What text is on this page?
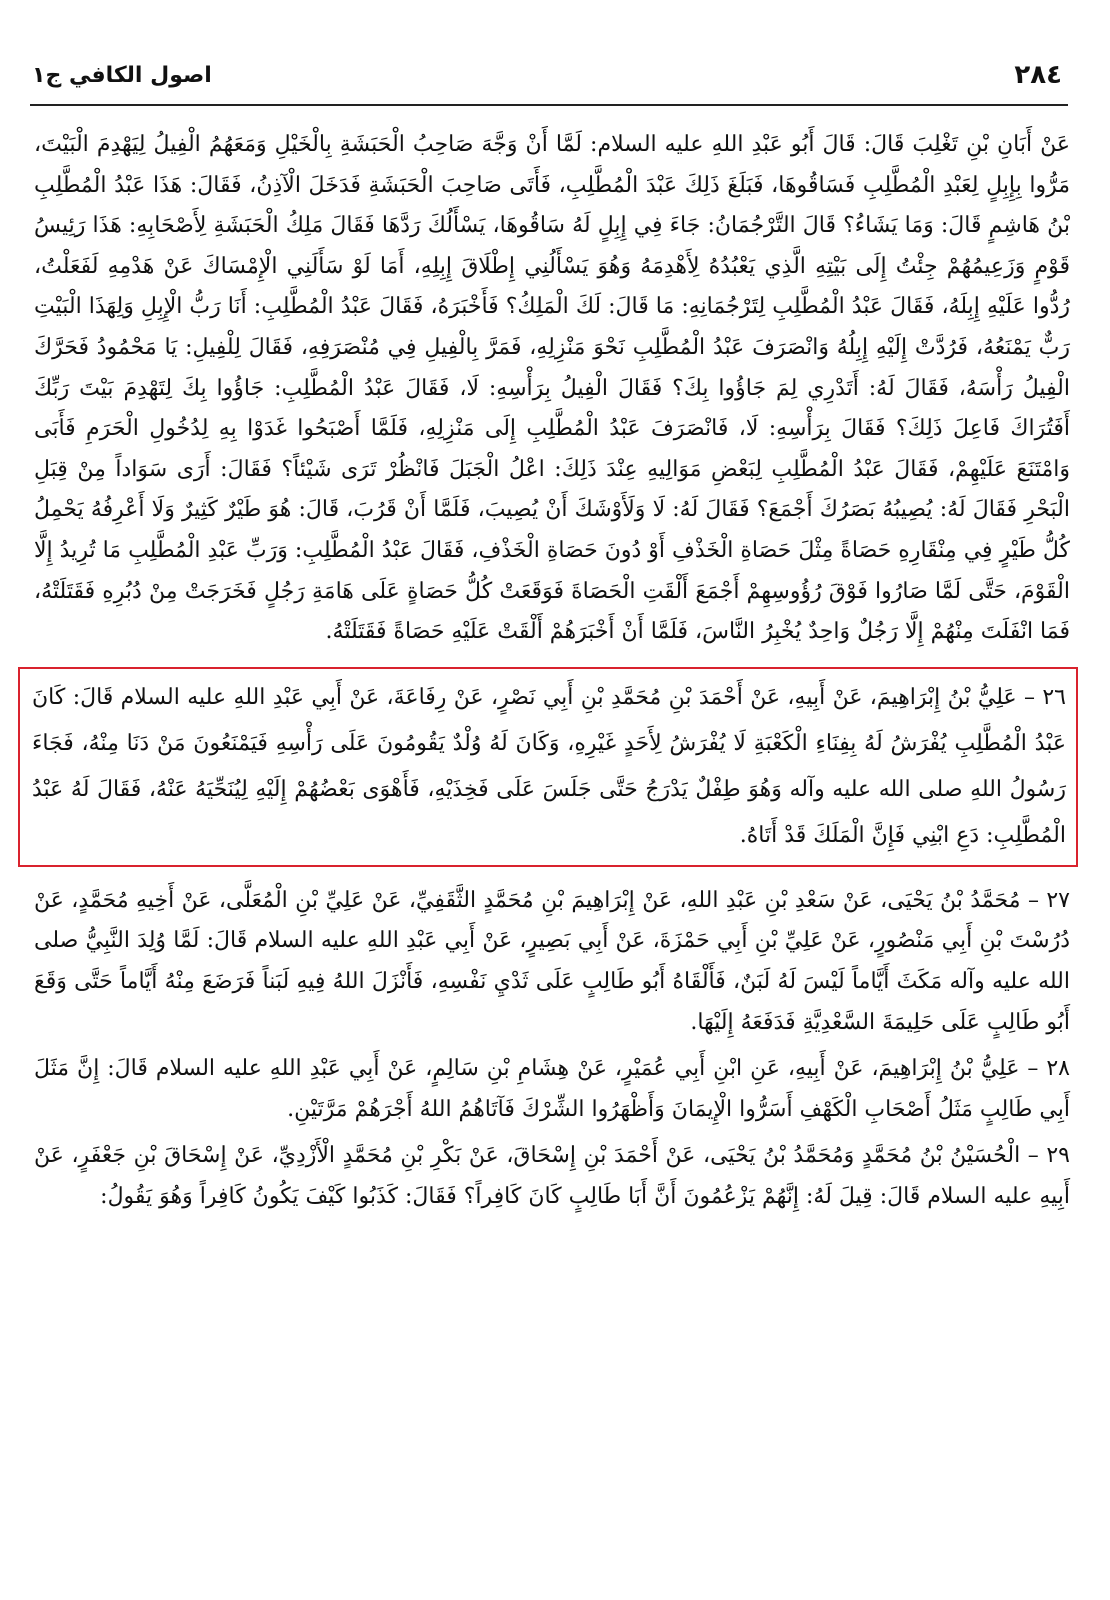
٢٨٤
اصول الكافي ج١

عَنْ أَبَانِ بْنِ تَغْلِبَ قَالَ: قَالَ أَبُو عَبْدِ اللهِ عليه السلام: لَمَّا أَنْ وَجَّهَ صَاحِبُ الْحَبَشَةِ بِالْخَيْلِ وَمَعَهُمُ الْفِيلُ لِيَهْدِمَ الْبَيْتَ، مَرُّوا بِإِبِلٍ لِعَبْدِ الْمُطَّلِبِ فَسَاقُوهَا، فَبَلَغَ ذَلِكَ عَبْدَ الْمُطَّلِبِ، فَأَتَى صَاحِبَ الْحَبَشَةِ فَدَخَلَ الْآذِنُ، فَقَالَ: هَذَا عَبْدُ الْمُطَّلِبِ بْنُ هَاشِمٍ قَالَ: وَمَا يَشَاءُ؟ قَالَ التَّرْجُمَانُ: جَاءَ فِي إِبِلٍ لَهُ سَاقُوهَا، يَسْأَلُكَ رَدَّهَا فَقَالَ مَلِكُ الْحَبَشَةِ لِأَصْحَابِهِ: هَذَا رَئِيسُ قَوْمٍ وَزَعِيمُهُمْ جِئْتُ إِلَى بَيْتِهِ الَّذِي يَعْبُدُهُ لِأَهْدِمَهُ وَهُوَ يَسْأَلُنِي إِطْلَاقَ إِبِلِهِ، أَمَا لَوْ سَأَلَنِي الْإِمْسَاكَ عَنْ هَدْمِهِ لَفَعَلْتُ، رُدُّوا عَلَيْهِ إِبِلَهُ، فَقَالَ عَبْدُ الْمُطَّلِبِ لِتَرْجُمَانِهِ: مَا قَالَ: لَكَ الْمَلِكُ؟ فَأَخْبَرَهُ، فَقَالَ عَبْدُ الْمُطَّلِبِ: أَنَا رَبُّ الْإِبِلِ وَلِهَذَا الْبَيْتِ رَبٌّ يَمْنَعُهُ، فَرُدَّتْ إِلَيْهِ إِبِلُهُ وَانْصَرَفَ عَبْدُ الْمُطَّلِبِ نَحْوَ مَنْزِلِهِ، فَمَرَّ بِالْفِيلِ فِي مُنْصَرَفِهِ، فَقَالَ لِلْفِيلِ: يَا مَحْمُودُ فَحَرَّكَ الْفِيلُ رَأْسَهُ، فَقَالَ لَهُ: أَتَدْرِي لِمَ جَاؤُوا بِكَ؟ فَقَالَ الْفِيلُ بِرَأْسِهِ: لَا، فَقَالَ عَبْدُ الْمُطَّلِبِ: جَاؤُوا بِكَ لِتَهْدِمَ بَيْتَ رَبِّكَ أَفَتُرَاكَ فَاعِلَ ذَلِكَ؟ فَقَالَ بِرَأْسِهِ: لَا، فَانْصَرَفَ عَبْدُ الْمُطَّلِبِ إِلَى مَنْزِلِهِ، فَلَمَّا أَصْبَحُوا غَدَوْا بِهِ لِدُخُولِ الْحَرَمِ فَأَبَى وَامْتَنَعَ عَلَيْهِمْ، فَقَالَ عَبْدُ الْمُطَّلِبِ لِبَعْضِ مَوَالِيهِ عِنْدَ ذَلِكَ: اعْلُ الْجَبَلَ فَانْظُرْ تَرَى شَيْئاً؟ فَقَالَ: أَرَى سَوَاداً مِنْ قِبَلِ الْبَحْرِ فَقَالَ لَهُ: يُصِيبُهُ بَصَرُكَ أَجْمَعَ؟ فَقَالَ لَهُ: لَا وَلَأَوْشَكَ أَنْ يُصِيبَ، فَلَمَّا أَنْ قَرُبَ، قَالَ: هُوَ طَيْرٌ كَثِيرٌ وَلَا أَعْرِفُهُ يَحْمِلُ كُلُّ طَيْرٍ فِي مِنْقَارِهِ حَصَاةً مِثْلَ حَصَاةِ الْخَذْفِ أَوْ دُونَ حَصَاةِ الْخَذْفِ، فَقَالَ عَبْدُ الْمُطَّلِبِ: وَرَبِّ عَبْدِ الْمُطَّلِبِ مَا تُرِيدُ إِلَّا الْقَوْمَ، حَتَّى لَمَّا صَارُوا فَوْقَ رُؤُوسِهِمْ أَجْمَعَ أَلْقَتِ الْحَصَاةَ فَوَقَعَتْ كُلُّ حَصَاةٍ عَلَى هَامَةِ رَجُلٍ فَخَرَجَتْ مِنْ دُبُرِهِ فَقَتَلَتْهُ، فَمَا انْفَلَتَ مِنْهُمْ إِلَّا رَجُلٌ وَاحِدٌ يُخْبِرُ النَّاسَ، فَلَمَّا أَنْ أَخْبَرَهُمْ أَلْقَتْ عَلَيْهِ حَصَاةً فَقَتَلَتْهُ.

٢٦ – عَلِيُّ بْنُ إِبْرَاهِيمَ، عَنْ أَبِيهِ، عَنْ أَحْمَدَ بْنِ مُحَمَّدِ بْنِ أَبِي نَصْرٍ، عَنْ رِفَاعَةَ، عَنْ أَبِي عَبْدِ اللهِ عليه السلام قَالَ: كَانَ عَبْدُ الْمُطَّلِبِ يُفْرَشُ لَهُ بِفِنَاءِ الْكَعْبَةِ لَا يُفْرَشُ لِأَحَدٍ غَيْرِهِ، وَكَانَ لَهُ وُلْدٌ يَقُومُونَ عَلَى رَأْسِهِ فَيَمْنَعُونَ مَنْ دَنَا مِنْهُ، فَجَاءَ رَسُولُ اللهِ صلى الله عليه وآله وَهُوَ طِفْلٌ يَدْرَجُ حَتَّى جَلَسَ عَلَى فَخِذَيْهِ، فَأَهْوَى بَعْضُهُمْ إِلَيْهِ لِيُنَحِّيَهُ عَنْهُ، فَقَالَ لَهُ عَبْدُ الْمُطَّلِبِ: دَعِ ابْنِي فَإِنَّ الْمَلَكَ قَدْ أَتَاهُ.

٢٧ – مُحَمَّدُ بْنُ يَحْيَى، عَنْ سَعْدِ بْنِ عَبْدِ اللهِ، عَنْ إِبْرَاهِيمَ بْنِ مُحَمَّدٍ الثَّقَفِيِّ، عَنْ عَلِيِّ بْنِ الْمُعَلَّى، عَنْ أَخِيهِ مُحَمَّدٍ، عَنْ دُرُسْتَ بْنِ أَبِي مَنْصُورٍ، عَنْ عَلِيِّ بْنِ أَبِي حَمْزَةَ، عَنْ أَبِي بَصِيرٍ، عَنْ أَبِي عَبْدِ اللهِ عليه السلام قَالَ: لَمَّا وُلِدَ النَّبِيُّ صلى الله عليه وآله مَكَثَ أَيَّاماً لَيْسَ لَهُ لَبَنٌ، فَأَلْقَاهُ أَبُو طَالِبٍ عَلَى ثَدْيِ نَفْسِهِ، فَأَنْزَلَ اللهُ فِيهِ لَبَناً فَرَضَعَ مِنْهُ أَيَّاماً حَتَّى وَقَعَ أَبُو طَالِبٍ عَلَى حَلِيمَةَ السَّعْدِيَّةِ فَدَفَعَهُ إِلَيْهَا.

٢٨ – عَلِيُّ بْنُ إِبْرَاهِيمَ، عَنْ أَبِيهِ، عَنِ ابْنِ أَبِي عُمَيْرٍ، عَنْ هِشَامِ بْنِ سَالِمٍ، عَنْ أَبِي عَبْدِ اللهِ عليه السلام قَالَ: إِنَّ مَثَلَ أَبِي طَالِبٍ مَثَلُ أَصْحَابِ الْكَهْفِ أَسَرُّوا الْإِيمَانَ وَأَظْهَرُوا الشِّرْكَ فَآتَاهُمُ اللهُ أَجْرَهُمْ مَرَّتَيْنِ.

٢٩ – الْحُسَيْنُ بْنُ مُحَمَّدٍ وَمُحَمَّدُ بْنُ يَحْيَى، عَنْ أَحْمَدَ بْنِ إِسْحَاقَ، عَنْ بَكْرِ بْنِ مُحَمَّدٍ الْأَزْدِيِّ، عَنْ إِسْحَاقَ بْنِ جَعْفَرٍ، عَنْ أَبِيهِ عليه السلام قَالَ: قِيلَ لَهُ: إِنَّهُمْ يَزْعُمُونَ أَنَّ أَبَا طَالِبٍ كَانَ كَافِراً؟ فَقَالَ: كَذَبُوا كَيْفَ يَكُونُ كَافِراً وَهُوَ يَقُولُ:
